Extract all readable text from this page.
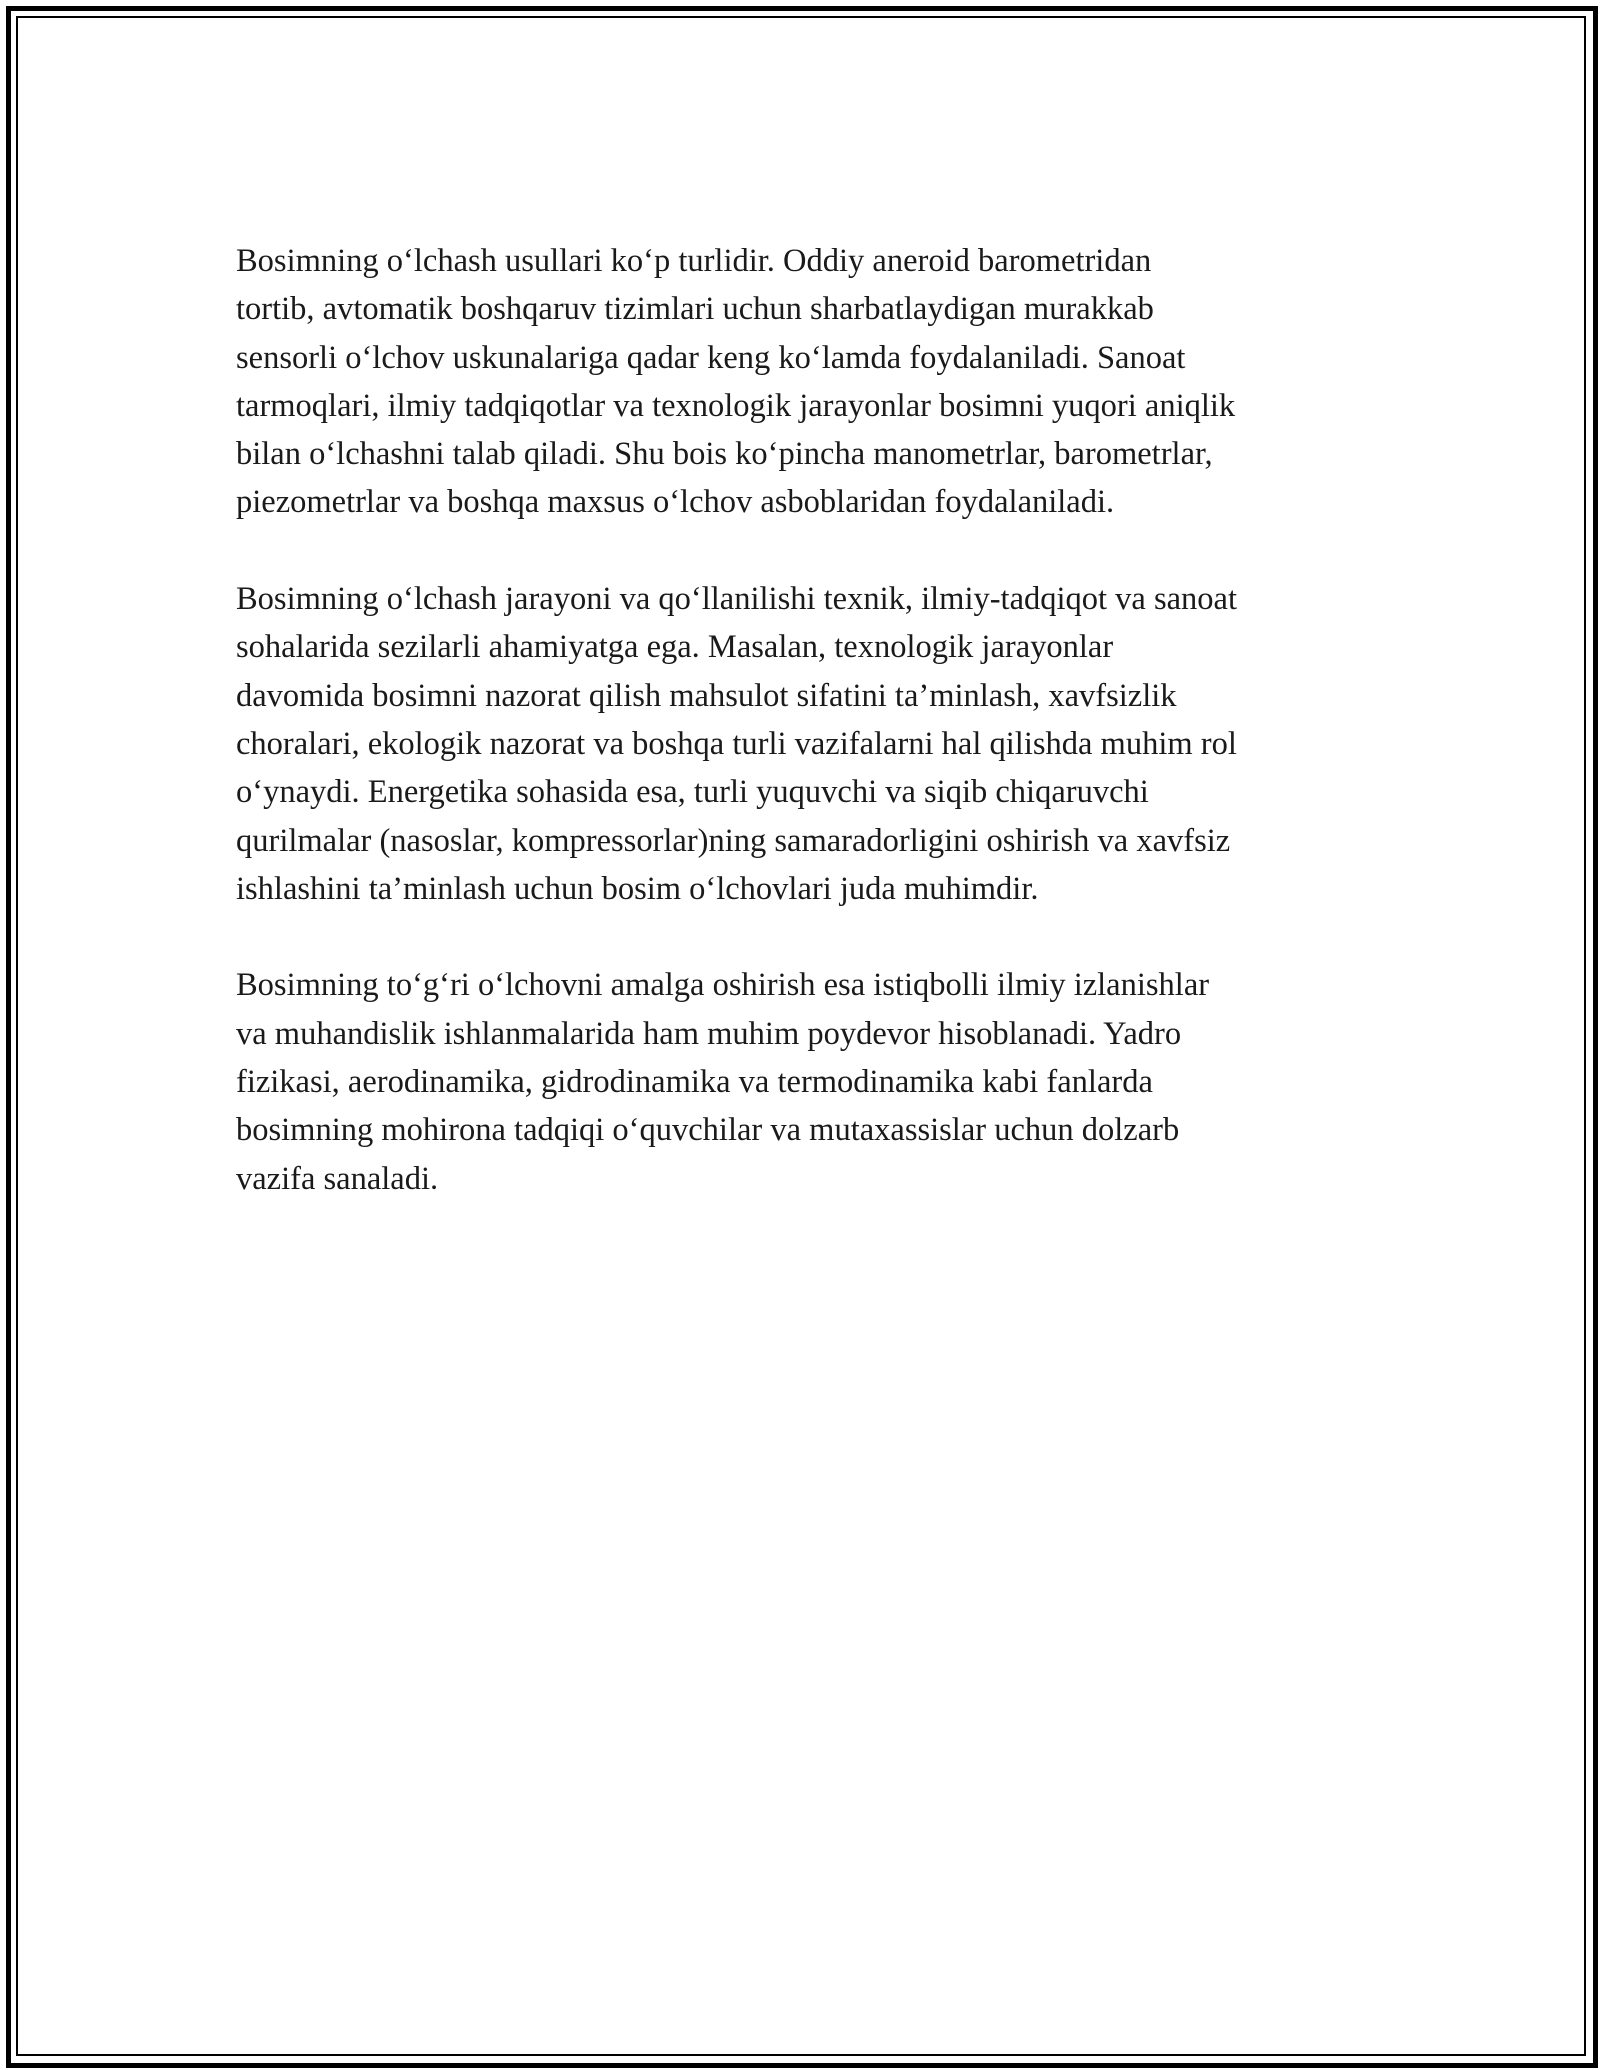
Bosimning o‘lchash usullari ko‘p turlidir. Oddiy aneroid barometridan
tortib, avtomatik boshqaruv tizimlari uchun sharbatlaydigan murakkab
sensorli o‘lchov uskunalariga qadar keng ko‘lamda foydalaniladi. Sanoat
tarmoqlari, ilmiy tadqiqotlar va texnologik jarayonlar bosimni yuqori aniqlik
bilan o‘lchashni talab qiladi. Shu bois ko‘pincha manometrlar, barometrlar,
piezometrlar va boshqa maxsus o‘lchov asboblaridan foydalaniladi.

Bosimning o‘lchash jarayoni va qo‘llanilishi texnik, ilmiy-tadqiqot va sanoat
sohalarida sezilarli ahamiyatga ega. Masalan, texnologik jarayonlar
davomida bosimni nazorat qilish mahsulot sifatini ta’minlash, xavfsizlik
choralari, ekologik nazorat va boshqa turli vazifalarni hal qilishda muhim rol
o‘ynaydi. Energetika sohasida esa, turli yuquvchi va siqib chiqaruvchi
qurilmalar (nasoslar, kompressorlar)ning samaradorligini oshirish va xavfsiz
ishlashini ta’minlash uchun bosim o‘lchovlari juda muhimdir.

Bosimning to‘g‘ri o‘lchovni amalga oshirish esa istiqbolli ilmiy izlanishlar
va muhandislik ishlanmalarida ham muhim poydevor hisoblanadi. Yadro
fizikasi, aerodinamika, gidrodinamika va termodinamika kabi fanlarda
bosimning mohirona tadqiqi o‘quvchilar va mutaxassislar uchun dolzarb
vazifa sanaladi.
